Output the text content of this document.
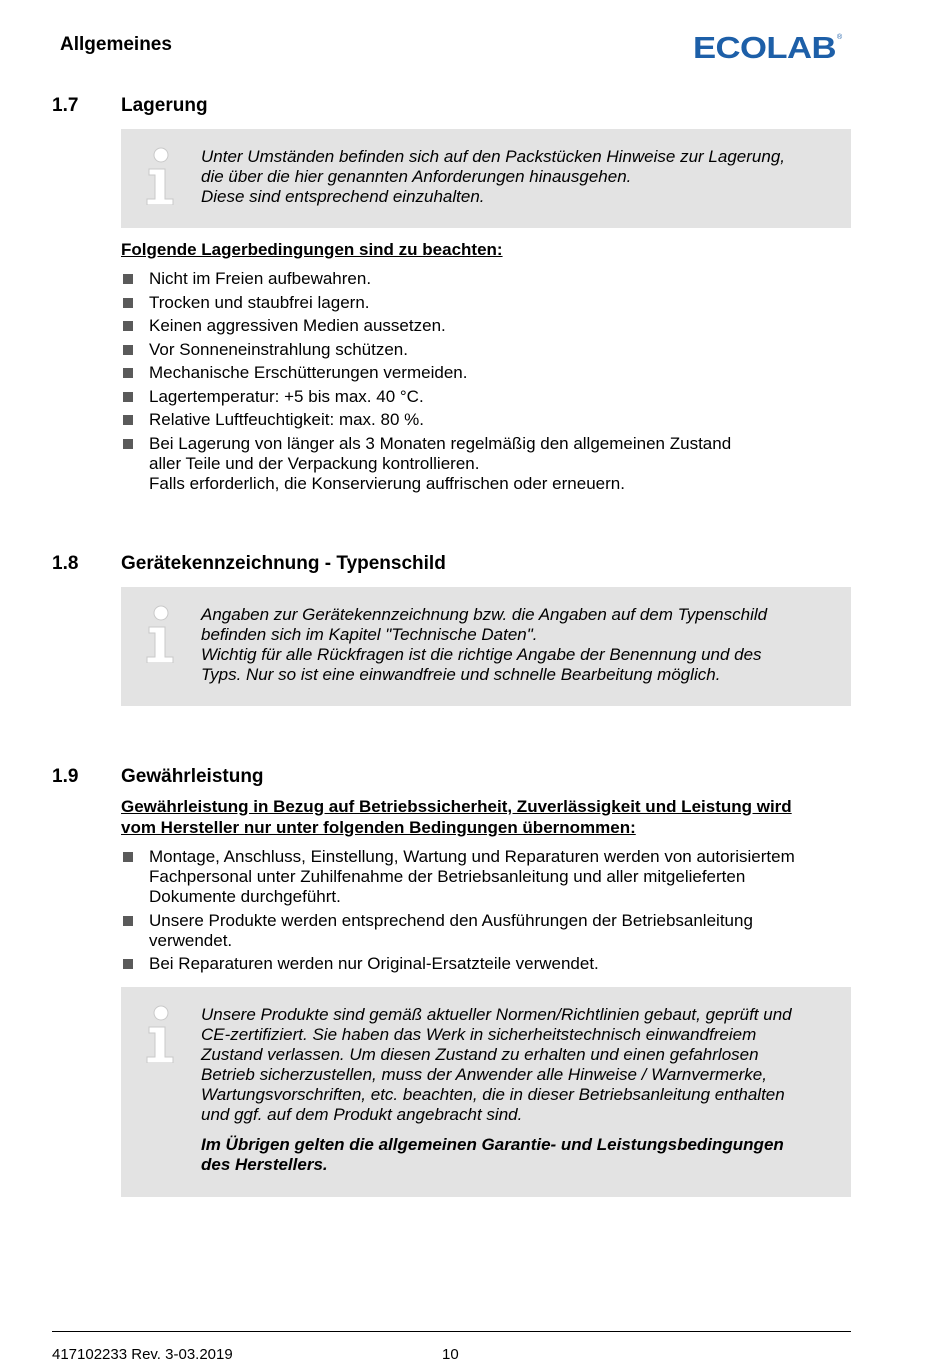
Allgemeines	ECOLAB ®
1.7 Lagerung

Unter Umständen befinden sich auf den Packstücken Hinweise zur Lagerung,

die über die hier genannten Anforderungen hinausgehen.

Diese sind entsprechend einzuhalten.

Folgende Lagerbedingungen sind zu beachten:
Nicht im Freien aufbewahren.
Trocken und staubfrei lagern.
Keinen aggressiven Medien aussetzen.
Vor Sonneneinstrahlung schützen.
Mechanische Erschütterungen vermeiden.
Lagertemperatur: +5 bis max. 40 °C.
Relative Luftfeuchtigkeit: max. 80 %.
Bei Lagerung von länger als 3 Monaten regelmäßig den allgemeinen Zustand
aller Teile und der Verpackung kontrollieren.
Falls erforderlich, die Konservierung auffrischen oder erneuern.
1.8 Gerätekennzeichnung - Typenschild

Angaben zur Gerätekennzeichnung bzw. die Angaben auf dem Typenschild

befinden sich im Kapitel "Technische Daten".

Wichtig für alle Rückfragen ist die richtige Angabe der Benennung und des

Typs. Nur so ist eine einwandfreie und schnelle Bearbeitung möglich.

1.9 Gewährleistung
Gewährleistung in Bezug auf Betriebssicherheit, Zuverlässigkeit und Leistung wird
vom Hersteller nur unter folgenden Bedingungen übernommen:
Montage, Anschluss, Einstellung, Wartung und Reparaturen werden von autorisiertem
Fachpersonal unter Zuhilfenahme der Betriebsanleitung und aller mitgelieferten
Dokumente durchgeführt.
Unsere Produkte werden entsprechend den Ausführungen der Betriebsanleitung
verwendet.
Bei Reparaturen werden nur Original-Ersatzteile verwendet.

Unsere Produkte sind gemäß aktueller Normen/Richtlinien gebaut, geprüft und

CE-zertifiziert. Sie haben das Werk in sicherheitstechnisch einwandfreiem

Zustand verlassen. Um diesen Zustand zu erhalten und einen gefahrlosen

Betrieb sicherzustellen, muss der Anwender alle Hinweise / Warnvermerke,

Wartungsvorschriften, etc. beachten, die in dieser Betriebsanleitung enthalten

und ggf. auf dem Produkt angebracht sind.

Im Übrigen gelten die allgemeinen Garantie- und Leistungsbedingungen

des Herstellers.

417102233 Rev. 3-03.2019	10
